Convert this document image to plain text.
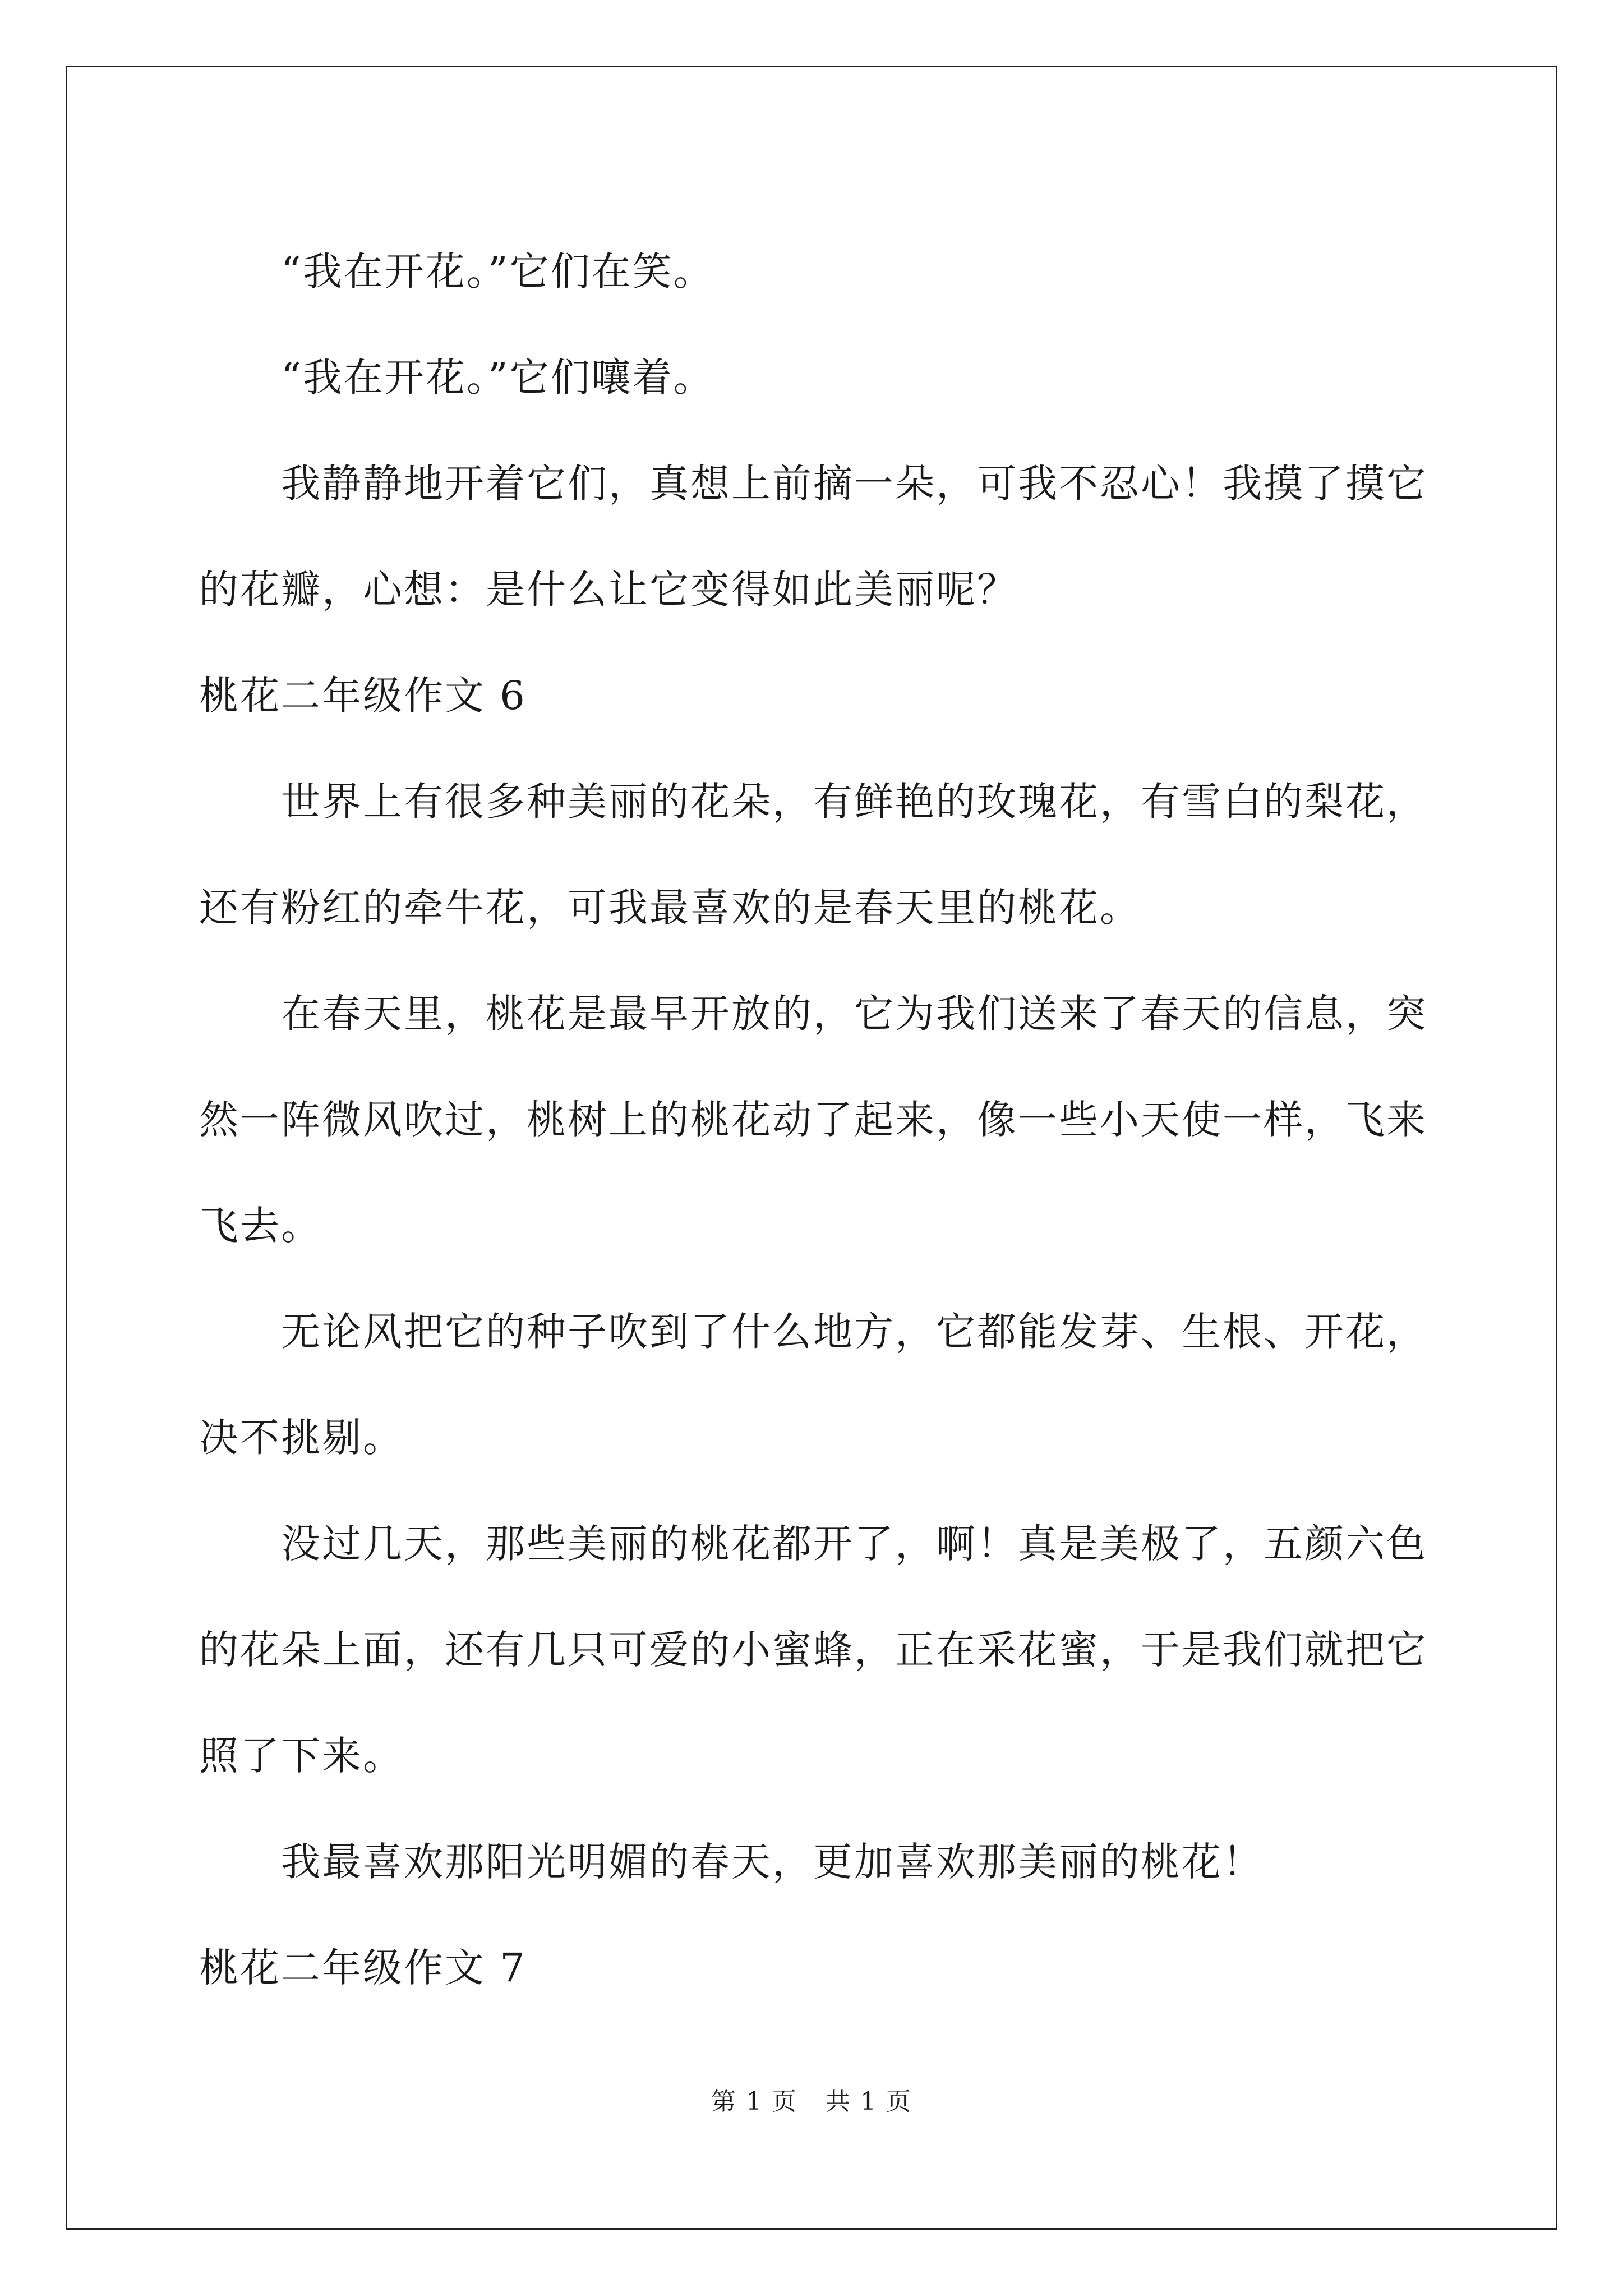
“我在开花。”它们在笑。

“我在开花。”它们嚷着。

我静静地开着它们，真想上前摘一朵，可我不忍心！我摸了摸它
的花瓣，心想：是什么让它变得如此美丽呢？

桃花二年级作文 6

世界上有很多种美丽的花朵，有鲜艳的玫瑰花，有雪白的梨花，
还有粉红的牵牛花，可我最喜欢的是春天里的桃花。

在春天里，桃花是最早开放的，它为我们送来了春天的信息，突
然一阵微风吹过，桃树上的桃花动了起来，像一些小天使一样，飞来
飞去。

无论风把它的种子吹到了什么地方，它都能发芽、生根、开花，
决不挑剔。

没过几天，那些美丽的桃花都开了，啊！真是美极了，五颜六色
的花朵上面，还有几只可爱的小蜜蜂，正在采花蜜，于是我们就把它
照了下来。

我最喜欢那阳光明媚的春天，更加喜欢那美丽的桃花！

桃花二年级作文 7

第 1 页 共 1 页
